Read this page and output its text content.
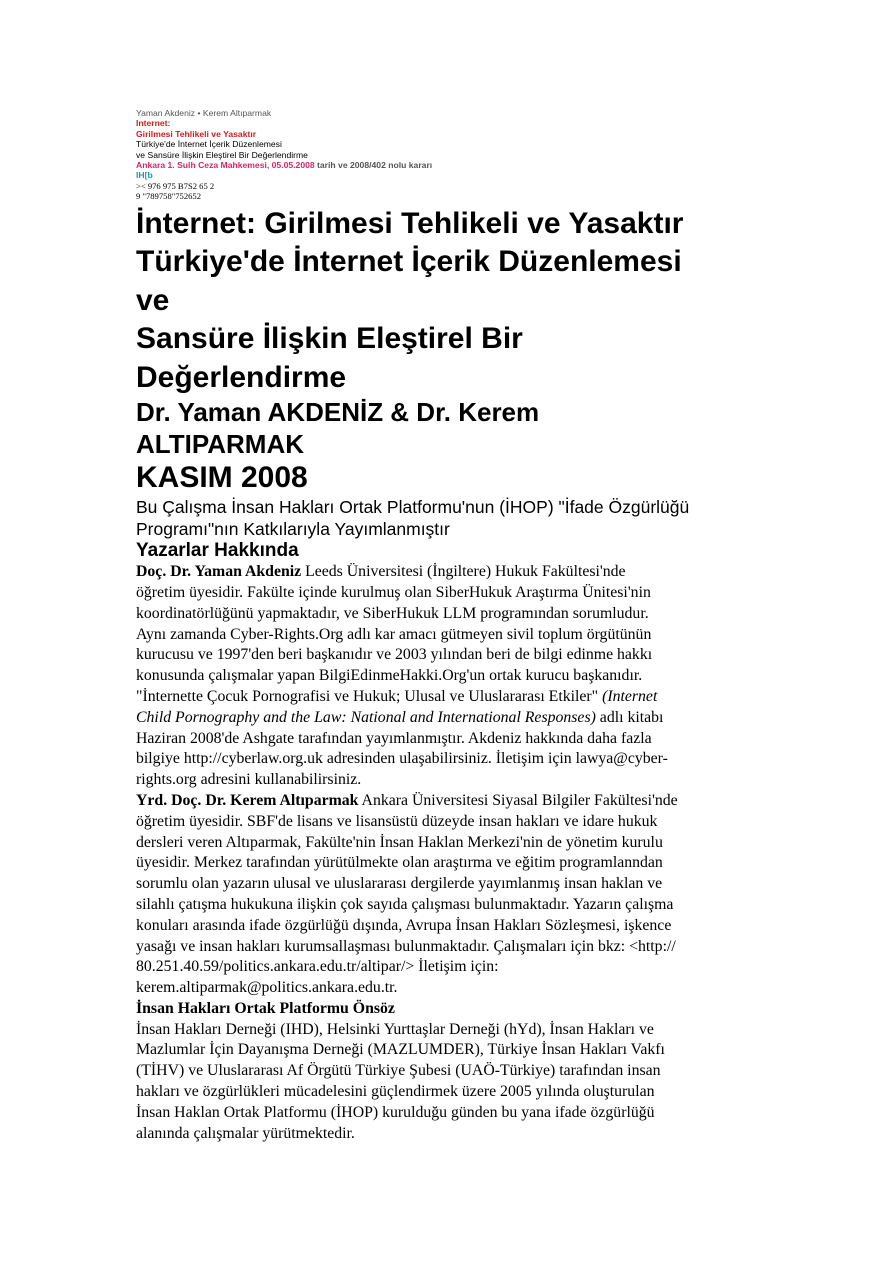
Yaman Akdeniz • Kerem Altıparmak
Internet:
Girilmesi Tehlikeli ve Yasaktır
Türkiye'de İnternet İçerik Düzenlemesi
ve Sansüre İlişkin Eleştirel Bir Değerlendirme
Ankara 1. Sulh Ceza Mahkemesi, 05.05.2008 tarih ve 2008/402 nolu kararı
IH[b
>< 976 975 B7S2 65 2
9 "789758"752652
İnternet: Girilmesi Tehlikeli ve Yasaktır
Türkiye'de İnternet İçerik Düzenlemesi
ve
Sansüre İlişkin Eleştirel Bir
Değerlendirme
Dr. Yaman AKDENİZ & Dr. Kerem
ALTIPARMAK
KASIM 2008
Bu Çalışma İnsan Hakları Ortak Platformu'nun (İHOP) "İfade Özgürlüğü
Programı"nın Katkılarıyla Yayımlanmıştır
Yazarlar Hakkında
Doç. Dr. Yaman Akdeniz Leeds Üniversitesi (İngiltere) Hukuk Fakültesi'nde
öğretim üyesidir. Fakülte içinde kurulmuş olan SiberHukuk Araştırma Ünitesi'nin
koordinatörlüğünü yapmaktadır, ve SiberHukuk LLM programından sorumludur.
Aynı zamanda Cyber-Rights.Org adlı kar amacı gütmeyen sivil toplum örgütünün
kurucusu ve 1997'den beri başkanıdır ve 2003 yılından beri de bilgi edinme hakkı
konusunda çalışmalar yapan BilgiEdinmeHakki.Org'un ortak kurucu başkanıdır.
"İnternette Çocuk Pornografisi ve Hukuk; Ulusal ve Uluslararası Etkiler" (Internet
Child Pornography and the Law: National and International Responses) adlı kitabı
Haziran 2008'de Ashgate tarafından yayımlanmıştır. Akdeniz hakkında daha fazla
bilgiye http://cyberlaw.org.uk adresinden ulaşabilirsiniz. İletişim için lawya@cyber-
rights.org adresini kullanabilirsiniz.
Yrd. Doç. Dr. Kerem Altıparmak Ankara Üniversitesi Siyasal Bilgiler Fakültesi'nde
öğretim üyesidir. SBF'de lisans ve lisansüstü düzeyde insan hakları ve idare hukuk
dersleri veren Altıparmak, Fakülte'nin İnsan Haklan Merkezi'nin de yönetim kurulu
üyesidir. Merkez tarafından yürütülmekte olan araştırma ve eğitim programlanndan
sorumlu olan yazarın ulusal ve uluslararası dergilerde yayımlanmış insan haklan ve
silahlı çatışma hukukuna ilişkin çok sayıda çalışması bulunmaktadır. Yazarın çalışma
konuları arasında ifade özgürlüğü dışında, Avrupa İnsan Hakları Sözleşmesi, işkence
yasağı ve insan hakları kurumsallaşması bulunmaktadır. Çalışmaları için bkz: <http://
80.251.40.59/politics.ankara.edu.tr/altipar/> İletişim için:
kerem.altiparmak@politics.ankara.edu.tr.
İnsan Hakları Ortak Platformu Önsöz
İnsan Hakları Derneği (IHD), Helsinki Yurttaşlar Derneği (hYd), İnsan Hakları ve
Mazlumlar İçin Dayanışma Derneği (MAZLUMDER), Türkiye İnsan Hakları Vakfı
(TİHV) ve Uluslararası Af Örgütü Türkiye Şubesi (UAÖ-Türkiye) tarafından insan
hakları ve özgürlükleri mücadelesini güçlendirmek üzere 2005 yılında oluşturulan
İnsan Haklan Ortak Platformu (İHOP) kurulduğu günden bu yana ifade özgürlüğü
alanında çalışmalar yürütmektedir.
